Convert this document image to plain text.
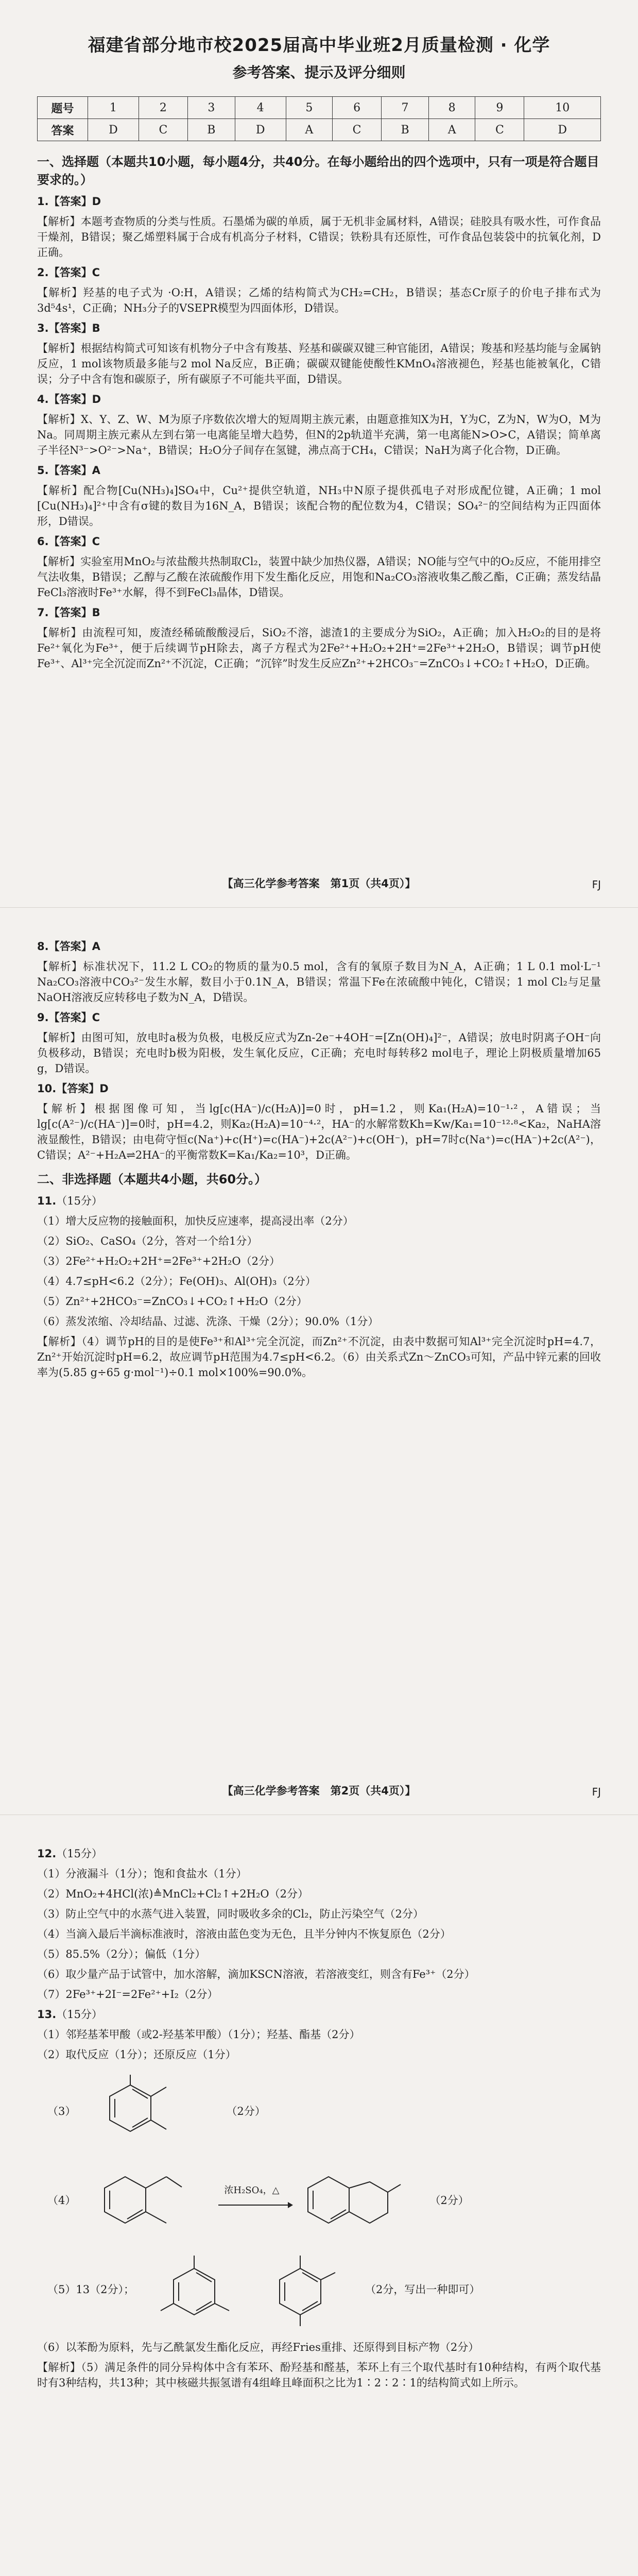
福建省部分地市校2025届高中毕业班2月质量检测 · 化学
参考答案、提示及评分细则
题号	1	2	3	4	5	6	7	8	9	10
答案	D	C	B	D	A	C	B	A	C	D
一、选择题（本题共10小题，每小题4分，共40分。在每小题给出的四个选项中，只有一项是符合题目要求的。）

1.【答案】D

【解析】本题考查物质的分类与性质。石墨烯为碳的单质，属于无机非金属材料，A错误；硅胶具有吸水性，可作食品干燥剂，B错误；聚乙烯塑料属于合成有机高分子材料，C错误；铁粉具有还原性，可作食品包装袋中的抗氧化剂，D正确。

2.【答案】C

【解析】羟基的电子式为 ·O:H，A错误；乙烯的结构简式为CH₂=CH₂，B错误；基态Cr原子的价电子排布式为3d⁵4s¹，C正确；NH₃分子的VSEPR模型为四面体形，D错误。

3.【答案】B

【解析】根据结构简式可知该有机物分子中含有羧基、羟基和碳碳双键三种官能团，A错误；羧基和羟基均能与金属钠反应，1 mol该物质最多能与2 mol Na反应，B正确；碳碳双键能使酸性KMnO₄溶液褪色，羟基也能被氧化，C错误；分子中含有饱和碳原子，所有碳原子不可能共平面，D错误。

4.【答案】D

【解析】X、Y、Z、W、M为原子序数依次增大的短周期主族元素，由题意推知X为H，Y为C，Z为N，W为O，M为Na。同周期主族元素从左到右第一电离能呈增大趋势，但N的2p轨道半充满，第一电离能N>O>C，A错误；简单离子半径N³⁻>O²⁻>Na⁺，B错误；H₂O分子间存在氢键，沸点高于CH₄，C错误；NaH为离子化合物，D正确。

5.【答案】A

【解析】配合物[Cu(NH₃)₄]SO₄中，Cu²⁺提供空轨道，NH₃中N原子提供孤电子对形成配位键，A正确；1 mol [Cu(NH₃)₄]²⁺中含有σ键的数目为16N_A，B错误；该配合物的配位数为4，C错误；SO₄²⁻的空间结构为正四面体形，D错误。

6.【答案】C

【解析】实验室用MnO₂与浓盐酸共热制取Cl₂，装置中缺少加热仪器，A错误；NO能与空气中的O₂反应，不能用排空气法收集，B错误；乙醇与乙酸在浓硫酸作用下发生酯化反应，用饱和Na₂CO₃溶液收集乙酸乙酯，C正确；蒸发结晶FeCl₃溶液时Fe³⁺水解，得不到FeCl₃晶体，D错误。

7.【答案】B

【解析】由流程可知，废渣经稀硫酸酸浸后，SiO₂不溶，滤渣1的主要成分为SiO₂，A正确；加入H₂O₂的目的是将Fe²⁺氧化为Fe³⁺，便于后续调节pH除去，离子方程式为2Fe²⁺+H₂O₂+2H⁺=2Fe³⁺+2H₂O，B错误；调节pH使Fe³⁺、Al³⁺完全沉淀而Zn²⁺不沉淀，C正确；“沉锌”时发生反应Zn²⁺+2HCO₃⁻=ZnCO₃↓+CO₂↑+H₂O，D正确。

【高三化学参考答案　第1页（共4页）】	FJ

8.【答案】A

【解析】标准状况下，11.2 L CO₂的物质的量为0.5 mol，含有的氧原子数目为N_A，A正确；1 L 0.1 mol·L⁻¹ Na₂CO₃溶液中CO₃²⁻发生水解，数目小于0.1N_A，B错误；常温下Fe在浓硫酸中钝化，C错误；1 mol Cl₂与足量NaOH溶液反应转移电子数为N_A，D错误。

9.【答案】C

【解析】由图可知，放电时a极为负极，电极反应式为Zn-2e⁻+4OH⁻=[Zn(OH)₄]²⁻，A错误；放电时阴离子OH⁻向负极移动，B错误；充电时b极为阳极，发生氧化反应，C正确；充电时每转移2 mol电子，理论上阴极质量增加65 g，D错误。

10.【答案】D

【解析】根据图像可知，当lg[c(HA⁻)/c(H₂A)]=0时，pH=1.2，则Ka₁(H₂A)=10⁻¹·²，A错误；当lg[c(A²⁻)/c(HA⁻)]=0时，pH=4.2，则Ka₂(H₂A)=10⁻⁴·²，HA⁻的水解常数Kh=Kw/Ka₁=10⁻¹²·⁸<Ka₂，NaHA溶液显酸性，B错误；由电荷守恒c(Na⁺)+c(H⁺)=c(HA⁻)+2c(A²⁻)+c(OH⁻)，pH=7时c(Na⁺)=c(HA⁻)+2c(A²⁻)，C错误；A²⁻+H₂A⇌2HA⁻的平衡常数K=Ka₁/Ka₂=10³，D正确。

二、非选择题（本题共4小题，共60分。）

11.（15分）

（1）增大反应物的接触面积，加快反应速率，提高浸出率（2分）

（2）SiO₂、CaSO₄（2分，答对一个给1分）

（3）2Fe²⁺+H₂O₂+2H⁺=2Fe³⁺+2H₂O（2分）

（4）4.7≤pH<6.2（2分）；Fe(OH)₃、Al(OH)₃（2分）

（5）Zn²⁺+2HCO₃⁻=ZnCO₃↓+CO₂↑+H₂O（2分）

（6）蒸发浓缩、冷却结晶、过滤、洗涤、干燥（2分）；90.0%（1分）

【解析】（4）调节pH的目的是使Fe³⁺和Al³⁺完全沉淀，而Zn²⁺不沉淀，由表中数据可知Al³⁺完全沉淀时pH=4.7，Zn²⁺开始沉淀时pH=6.2，故应调节pH范围为4.7≤pH<6.2。（6）由关系式Zn～ZnCO₃可知，产品中锌元素的回收率为(5.85 g÷65 g·mol⁻¹)÷0.1 mol×100%=90.0%。

【高三化学参考答案　第2页（共4页）】	FJ

12.（15分）

（1）分液漏斗（1分）；饱和食盐水（1分）

（2）MnO₂+4HCl(浓)≜MnCl₂+Cl₂↑+2H₂O（2分）

（3）防止空气中的水蒸气进入装置，同时吸收多余的Cl₂，防止污染空气（2分）

（4）当滴入最后半滴标准液时，溶液由蓝色变为无色，且半分钟内不恢复原色（2分）

（5）85.5%（2分）；偏低（1分）

（6）取少量产品于试管中，加水溶解，滴加KSCN溶液，若溶液变红，则含有Fe³⁺（2分）

（7）2Fe³⁺+2I⁻=2Fe²⁺+I₂（2分）

13.（15分）

（1）邻羟基苯甲酸（或2-羟基苯甲酸）（1分）；羟基、酯基（2分）

（2）取代反应（1分）；还原反应（1分）

（3）	（2分）
（4）
浓H₂SO₄，△
（2分）
（5）13（2分）；	（2分，写出一种即可）

（6）以苯酚为原料，先与乙酰氯发生酯化反应，再经Fries重排、还原得到目标产物（2分）

【解析】（5）满足条件的同分异构体中含有苯环、酚羟基和醛基，苯环上有三个取代基时有10种结构，有两个取代基时有3种结构，共13种；其中核磁共振氢谱有4组峰且峰面积之比为1∶2∶2∶1的结构简式如上所示。
